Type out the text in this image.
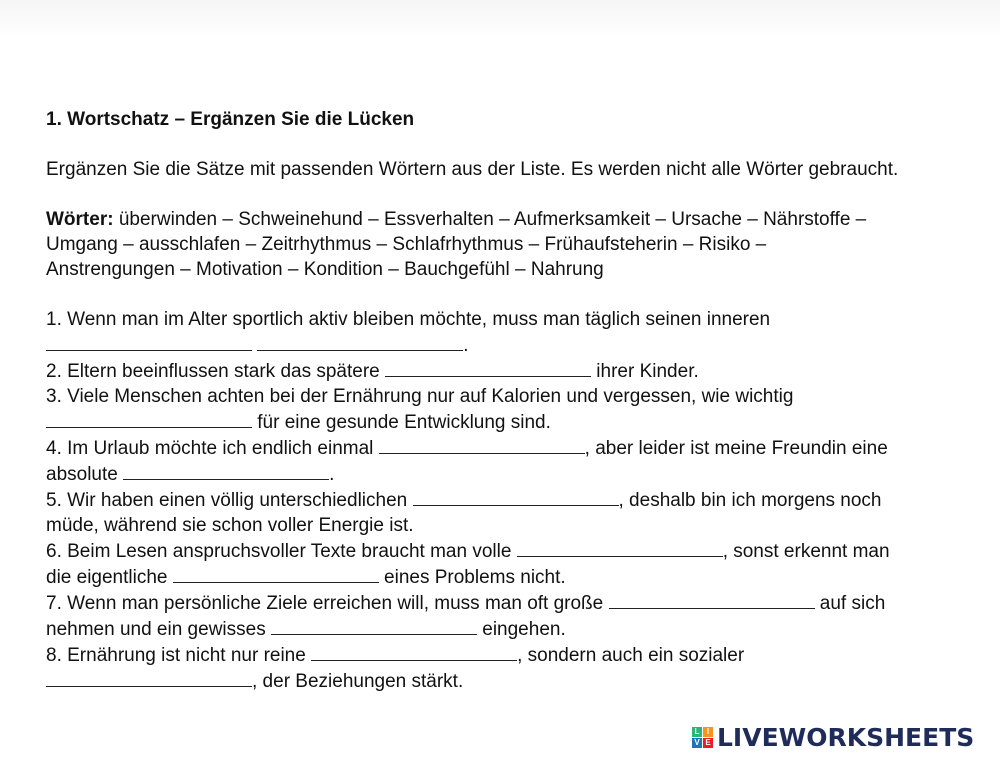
1. Wortschatz – Ergänzen Sie die Lücken

Ergänzen Sie die Sätze mit passenden Wörtern aus der Liste. Es werden nicht alle Wörter gebraucht.

Wörter: überwinden – Schweinehund – Essverhalten – Aufmerksamkeit – Ursache – Nährstoffe –
Umgang – ausschlafen – Zeitrhythmus – Schlafrhythmus – Frühaufsteherin – Risiko –
Anstrengungen – Motivation – Kondition – Bauchgefühl – Nahrung

1. Wenn man im Alter sportlich aktiv bleiben möchte, muss man täglich seinen inneren

.

2. Eltern beeinflussen stark das spätere	ihrer Kinder.

3. Viele Menschen achten bei der Ernährung nur auf Kalorien und vergessen, wie wichtig

für eine gesunde Entwicklung sind.

4. Im Urlaub möchte ich endlich einmal	, aber leider ist meine Freundin eine

absolute	.

5. Wir haben einen völlig unterschiedlichen	, deshalb bin ich morgens noch

müde, während sie schon voller Energie ist.

6. Beim Lesen anspruchsvoller Texte braucht man volle	, sonst erkennt man

die eigentliche	eines Problems nicht.

7. Wenn man persönliche Ziele erreichen will, muss man oft große	auf sich

nehmen und ein gewisses	eingehen.

8. Ernährung ist nicht nur reine	, sondern auch ein sozialer

, der Beziehungen stärkt.

L I
V E LIVEWORKSHEETS
